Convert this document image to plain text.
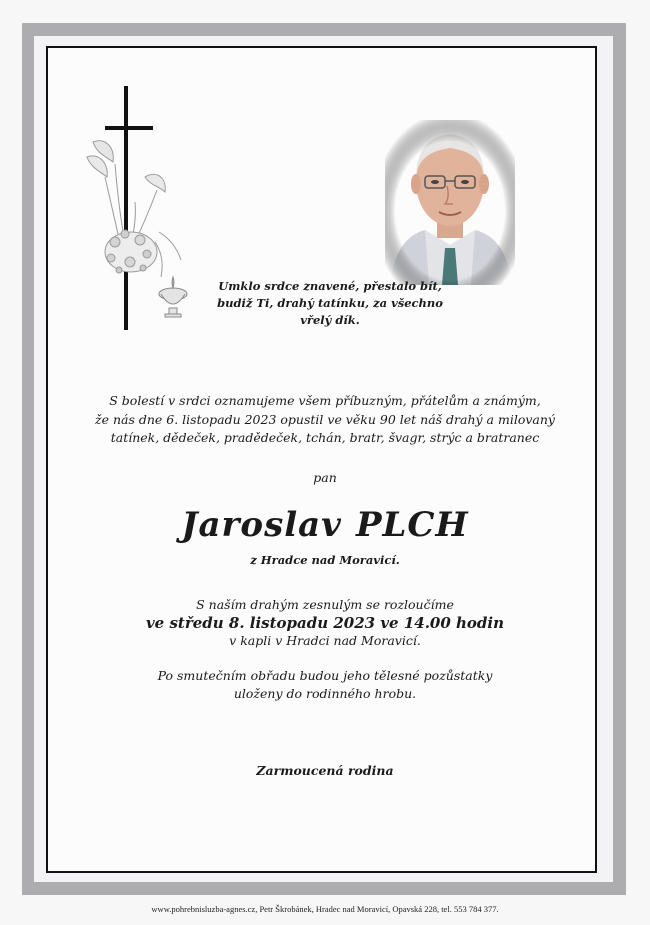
Umklo srdce znavené, přestalo bít,
budiž Ti, drahý tatínku, za všechno vřelý dík.
S bolestí v srdci oznamujeme všem příbuzným, přátelům a známým,
že nás dne 6. listopadu 2023 opustil ve věku 90 let náš drahý a milovaný
tatínek, dědeček, pradědeček, tchán, bratr, švagr, strýc a bratranec
pan
Jaroslav PLCH
z Hradce nad Moravicí.
S naším drahým zesnulým se rozloučíme
ve středu 8. listopadu 2023 ve 14.00 hodin
v kapli v Hradci nad Moravicí.
Po smutečním obřadu budou jeho tělesné pozůstatky
uloženy do rodinného hrobu.
Zarmoucená rodina
www.pohrebnisluzba-agnes.cz, Petr Škrobánek, Hradec nad Moravicí, Opavská 228, tel. 553 784 377.
